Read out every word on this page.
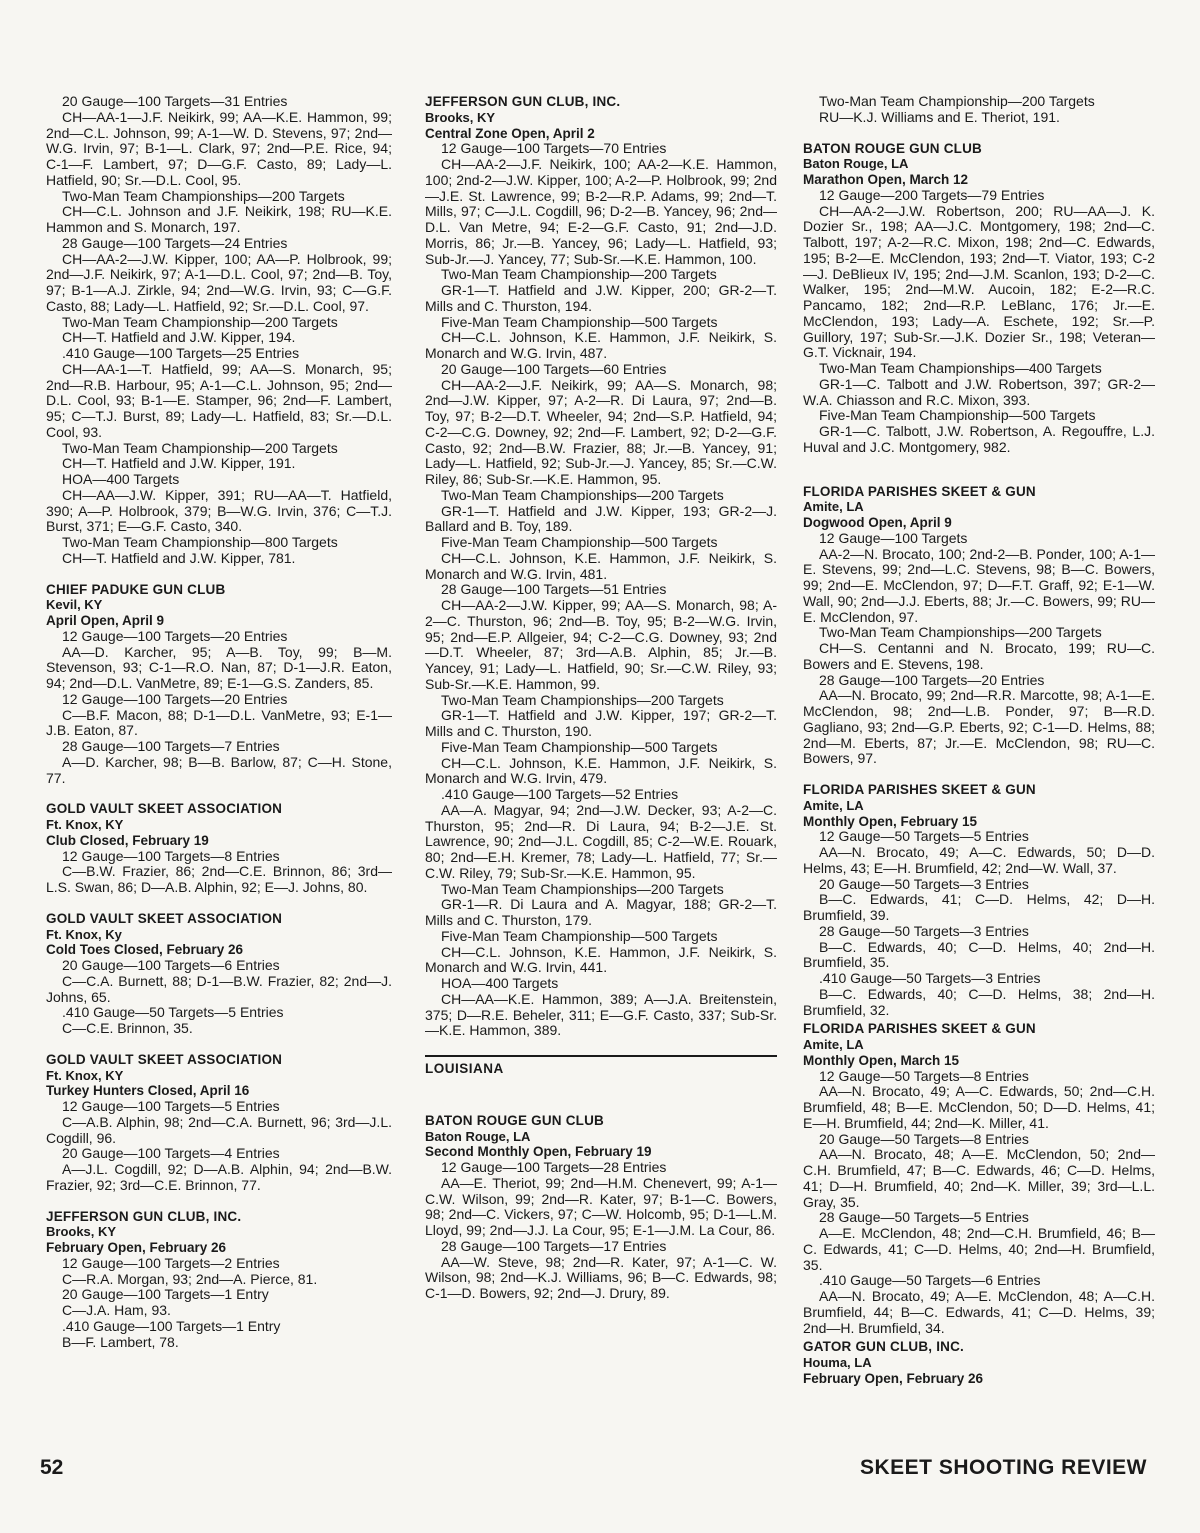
20 Gauge—100 Targets—31 Entries

CH—AA-1—J.F. Neikirk, 99; AA—K.E. Hammon, 99; 2nd—C.L. Johnson, 99; A-1—W. D. Stevens, 97; 2nd—W.G. Irvin, 97; B-1—L. Clark, 97; 2nd—P.E. Rice, 94; C-1—F. Lambert, 97; D—G.F. Casto, 89; Lady—L. Hatfield, 90; Sr.—D.L. Cool, 95.

Two-Man Team Championships—200 Targets

CH—C.L. Johnson and J.F. Neikirk, 198; RU—K.E. Hammon and S. Monarch, 197.

28 Gauge—100 Targets—24 Entries

CH—AA-2—J.W. Kipper, 100; AA—P. Holbrook, 99; 2nd—J.F. Neikirk, 97; A-1—D.L. Cool, 97; 2nd—B. Toy, 97; B-1—A.J. Zirkle, 94; 2nd—W.G. Irvin, 93; C—G.F. Casto, 88; Lady—L. Hatfield, 92; Sr.—D.L. Cool, 97.

Two-Man Team Championship—200 Targets

CH—T. Hatfield and J.W. Kipper, 194.

.410 Gauge—100 Targets—25 Entries

CH—AA-1—T. Hatfield, 99; AA—S. Monarch, 95; 2nd—R.B. Harbour, 95; A-1—C.L. Johnson, 95; 2nd—D.L. Cool, 93; B-1—E. Stamper, 96; 2nd—F. Lambert, 95; C—T.J. Burst, 89; Lady—L. Hatfield, 83; Sr.—D.L. Cool, 93.

Two-Man Team Championship—200 Targets

CH—T. Hatfield and J.W. Kipper, 191.

HOA—400 Targets

CH—AA—J.W. Kipper, 391; RU—AA—T. Hatfield, 390; A—P. Holbrook, 379; B—W.G. Irvin, 376; C—T.J. Burst, 371; E—G.F. Casto, 340.

Two-Man Team Championship—800 Targets

CH—T. Hatfield and J.W. Kipper, 781.

CHIEF PADUKE GUN CLUB
Kevil, KY
April Open, April 9

12 Gauge—100 Targets—20 Entries

AA—D. Karcher, 95; A—B. Toy, 99; B—M. Stevenson, 93; C-1—R.O. Nan, 87; D-1—J.R. Eaton, 94; 2nd—D.L. VanMetre, 89; E-1—G.S. Zanders, 85.

12 Gauge—100 Targets—20 Entries

C—B.F. Macon, 88; D-1—D.L. VanMetre, 93; E-1—J.B. Eaton, 87.

28 Gauge—100 Targets—7 Entries

A—D. Karcher, 98; B—B. Barlow, 87; C—H. Stone, 77.

GOLD VAULT SKEET ASSOCIATION
Ft. Knox, KY
Club Closed, February 19

12 Gauge—100 Targets—8 Entries

C—B.W. Frazier, 86; 2nd—C.E. Brinnon, 86; 3rd—L.S. Swan, 86; D—A.B. Alphin, 92; E—J. Johns, 80.

GOLD VAULT SKEET ASSOCIATION
Ft. Knox, Ky
Cold Toes Closed, February 26

20 Gauge—100 Targets—6 Entries

C—C.A. Burnett, 88; D-1—B.W. Frazier, 82; 2nd—J. Johns, 65.

.410 Gauge—50 Targets—5 Entries

C—C.E. Brinnon, 35.

GOLD VAULT SKEET ASSOCIATION
Ft. Knox, KY
Turkey Hunters Closed, April 16

12 Gauge—100 Targets—5 Entries

C—A.B. Alphin, 98; 2nd—C.A. Burnett, 96; 3rd—J.L. Cogdill, 96.

20 Gauge—100 Targets—4 Entries

A—J.L. Cogdill, 92; D—A.B. Alphin, 94; 2nd—B.W. Frazier, 92; 3rd—C.E. Brinnon, 77.

JEFFERSON GUN CLUB, INC.
Brooks, KY
February Open, February 26

12 Gauge—100 Targets—2 Entries

C—R.A. Morgan, 93; 2nd—A. Pierce, 81.

20 Gauge—100 Targets—1 Entry

C—J.A. Ham, 93.

.410 Gauge—100 Targets—1 Entry

B—F. Lambert, 78.

JEFFERSON GUN CLUB, INC.
Brooks, KY
Central Zone Open, April 2

12 Gauge—100 Targets—70 Entries

CH—AA-2—J.F. Neikirk, 100; AA-2—K.E. Hammon, 100; 2nd-2—J.W. Kipper, 100; A-2—P. Holbrook, 99; 2nd—J.E. St. Lawrence, 99; B-2—R.P. Adams, 99; 2nd—T. Mills, 97; C—J.L. Cogdill, 96; D-2—B. Yancey, 96; 2nd—D.L. Van Metre, 94; E-2—G.F. Casto, 91; 2nd—J.D. Morris, 86; Jr.—B. Yancey, 96; Lady—L. Hatfield, 93; Sub-Jr.—J. Yancey, 77; Sub-Sr.—K.E. Hammon, 100.

Two-Man Team Championship—200 Targets

GR-1—T. Hatfield and J.W. Kipper, 200; GR-2—T. Mills and C. Thurston, 194.

Five-Man Team Championship—500 Targets

CH—C.L. Johnson, K.E. Hammon, J.F. Neikirk, S. Monarch and W.G. Irvin, 487.

20 Gauge—100 Targets—60 Entries

CH—AA-2—J.F. Neikirk, 99; AA—S. Monarch, 98; 2nd—J.W. Kipper, 97; A-2—R. Di Laura, 97; 2nd—B. Toy, 97; B-2—D.T. Wheeler, 94; 2nd—S.P. Hatfield, 94; C-2—C.G. Downey, 92; 2nd—F. Lambert, 92; D-2—G.F. Casto, 92; 2nd—B.W. Frazier, 88; Jr.—B. Yancey, 91; Lady—L. Hatfield, 92; Sub-Jr.—J. Yancey, 85; Sr.—C.W. Riley, 86; Sub-Sr.—K.E. Hammon, 95.

Two-Man Team Championships—200 Targets

GR-1—T. Hatfield and J.W. Kipper, 193; GR-2—J. Ballard and B. Toy, 189.

Five-Man Team Championship—500 Targets

CH—C.L. Johnson, K.E. Hammon, J.F. Neikirk, S. Monarch and W.G. Irvin, 481.

28 Gauge—100 Targets—51 Entries

CH—AA-2—J.W. Kipper, 99; AA—S. Monarch, 98; A-2—C. Thurston, 96; 2nd—B. Toy, 95; B-2—W.G. Irvin, 95; 2nd—E.P. Allgeier, 94; C-2—C.G. Downey, 93; 2nd—D.T. Wheeler, 87; 3rd—A.B. Alphin, 85; Jr.—B. Yancey, 91; Lady—L. Hatfield, 90; Sr.—C.W. Riley, 93; Sub-Sr.—K.E. Hammon, 99.

Two-Man Team Championships—200 Targets

GR-1—T. Hatfield and J.W. Kipper, 197; GR-2—T. Mills and C. Thurston, 190.

Five-Man Team Championship—500 Targets

CH—C.L. Johnson, K.E. Hammon, J.F. Neikirk, S. Monarch and W.G. Irvin, 479.

.410 Gauge—100 Targets—52 Entries

AA—A. Magyar, 94; 2nd—J.W. Decker, 93; A-2—C. Thurston, 95; 2nd—R. Di Laura, 94; B-2—J.E. St. Lawrence, 90; 2nd—J.L. Cogdill, 85; C-2—W.E. Rouark, 80; 2nd—E.H. Kremer, 78; Lady—L. Hatfield, 77; Sr.—C.W. Riley, 79; Sub-Sr.—K.E. Hammon, 95.

Two-Man Team Championships—200 Targets

GR-1—R. Di Laura and A. Magyar, 188; GR-2—T. Mills and C. Thurston, 179.

Five-Man Team Championship—500 Targets

CH—C.L. Johnson, K.E. Hammon, J.F. Neikirk, S. Monarch and W.G. Irvin, 441.

HOA—400 Targets

CH—AA—K.E. Hammon, 389; A—J.A. Breitenstein, 375; D—R.E. Beheler, 311; E—G.F. Casto, 337; Sub-Sr.—K.E. Hammon, 389.

LOUISIANA
BATON ROUGE GUN CLUB
Baton Rouge, LA
Second Monthly Open, February 19

12 Gauge—100 Targets—28 Entries

AA—E. Theriot, 99; 2nd—H.M. Chenevert, 99; A-1—C.W. Wilson, 99; 2nd—R. Kater, 97; B-1—C. Bowers, 98; 2nd—C. Vickers, 97; C—W. Holcomb, 95; D-1—L.M. Lloyd, 99; 2nd—J.J. La Cour, 95; E-1—J.M. La Cour, 86.

28 Gauge—100 Targets—17 Entries

AA—W. Steve, 98; 2nd—R. Kater, 97; A-1—C. W. Wilson, 98; 2nd—K.J. Williams, 96; B—C. Edwards, 98; C-1—D. Bowers, 92; 2nd—J. Drury, 89.

Two-Man Team Championship—200 Targets

RU—K.J. Williams and E. Theriot, 191.

BATON ROUGE GUN CLUB
Baton Rouge, LA
Marathon Open, March 12

12 Gauge—200 Targets—79 Entries

CH—AA-2—J.W. Robertson, 200; RU—AA—J. K. Dozier Sr., 198; AA—J.C. Montgomery, 198; 2nd—C. Talbott, 197; A-2—R.C. Mixon, 198; 2nd—C. Edwards, 195; B-2—E. McClendon, 193; 2nd—T. Viator, 193; C-2—J. DeBlieux IV, 195; 2nd—J.M. Scanlon, 193; D-2—C. Walker, 195; 2nd—M.W. Aucoin, 182; E-2—R.C. Pancamo, 182; 2nd—R.P. LeBlanc, 176; Jr.—E. McClendon, 193; Lady—A. Eschete, 192; Sr.—P. Guillory, 197; Sub-Sr.—J.K. Dozier Sr., 198; Veteran—G.T. Vicknair, 194.

Two-Man Team Championships—400 Targets

GR-1—C. Talbott and J.W. Robertson, 397; GR-2—W.A. Chiasson and R.C. Mixon, 393.

Five-Man Team Championship—500 Targets

GR-1—C. Talbott, J.W. Robertson, A. Regouffre, L.J. Huval and J.C. Montgomery, 982.

FLORIDA PARISHES SKEET & GUN
Amite, LA
Dogwood Open, April 9

12 Gauge—100 Targets

AA-2—N. Brocato, 100; 2nd-2—B. Ponder, 100; A-1—E. Stevens, 99; 2nd—L.C. Stevens, 98; B—C. Bowers, 99; 2nd—E. McClendon, 97; D—F.T. Graff, 92; E-1—W. Wall, 90; 2nd—J.J. Eberts, 88; Jr.—C. Bowers, 99; RU—E. McClendon, 97.

Two-Man Team Championships—200 Targets

CH—S. Centanni and N. Brocato, 199; RU—C. Bowers and E. Stevens, 198.

28 Gauge—100 Targets—20 Entries

AA—N. Brocato, 99; 2nd—R.R. Marcotte, 98; A-1—E. McClendon, 98; 2nd—L.B. Ponder, 97; B—R.D. Gagliano, 93; 2nd—G.P. Eberts, 92; C-1—D. Helms, 88; 2nd—M. Eberts, 87; Jr.—E. McClendon, 98; RU—C. Bowers, 97.

FLORIDA PARISHES SKEET & GUN
Amite, LA
Monthly Open, February 15

12 Gauge—50 Targets—5 Entries

AA—N. Brocato, 49; A—C. Edwards, 50; D—D. Helms, 43; E—H. Brumfield, 42; 2nd—W. Wall, 37.

20 Gauge—50 Targets—3 Entries

B—C. Edwards, 41; C—D. Helms, 42; D—H. Brumfield, 39.

28 Gauge—50 Targets—3 Entries

B—C. Edwards, 40; C—D. Helms, 40; 2nd—H. Brumfield, 35.

.410 Gauge—50 Targets—3 Entries

B—C. Edwards, 40; C—D. Helms, 38; 2nd—H. Brumfield, 32.

FLORIDA PARISHES SKEET & GUN
Amite, LA
Monthly Open, March 15

12 Gauge—50 Targets—8 Entries

AA—N. Brocato, 49; A—C. Edwards, 50; 2nd—C.H. Brumfield, 48; B—E. McClendon, 50; D—D. Helms, 41; E—H. Brumfield, 44; 2nd—K. Miller, 41.

20 Gauge—50 Targets—8 Entries

AA—N. Brocato, 48; A—E. McClendon, 50; 2nd—C.H. Brumfield, 47; B—C. Edwards, 46; C—D. Helms, 41; D—H. Brumfield, 40; 2nd—K. Miller, 39; 3rd—L.L. Gray, 35.

28 Gauge—50 Targets—5 Entries

A—E. McClendon, 48; 2nd—C.H. Brumfield, 46; B—C. Edwards, 41; C—D. Helms, 40; 2nd—H. Brumfield, 35.

.410 Gauge—50 Targets—6 Entries

AA—N. Brocato, 49; A—E. McClendon, 48; A—C.H. Brumfield, 44; B—C. Edwards, 41; C—D. Helms, 39; 2nd—H. Brumfield, 34.

GATOR GUN CLUB, INC.
Houma, LA
February Open, February 26
52	SKEET SHOOTING REVIEW
